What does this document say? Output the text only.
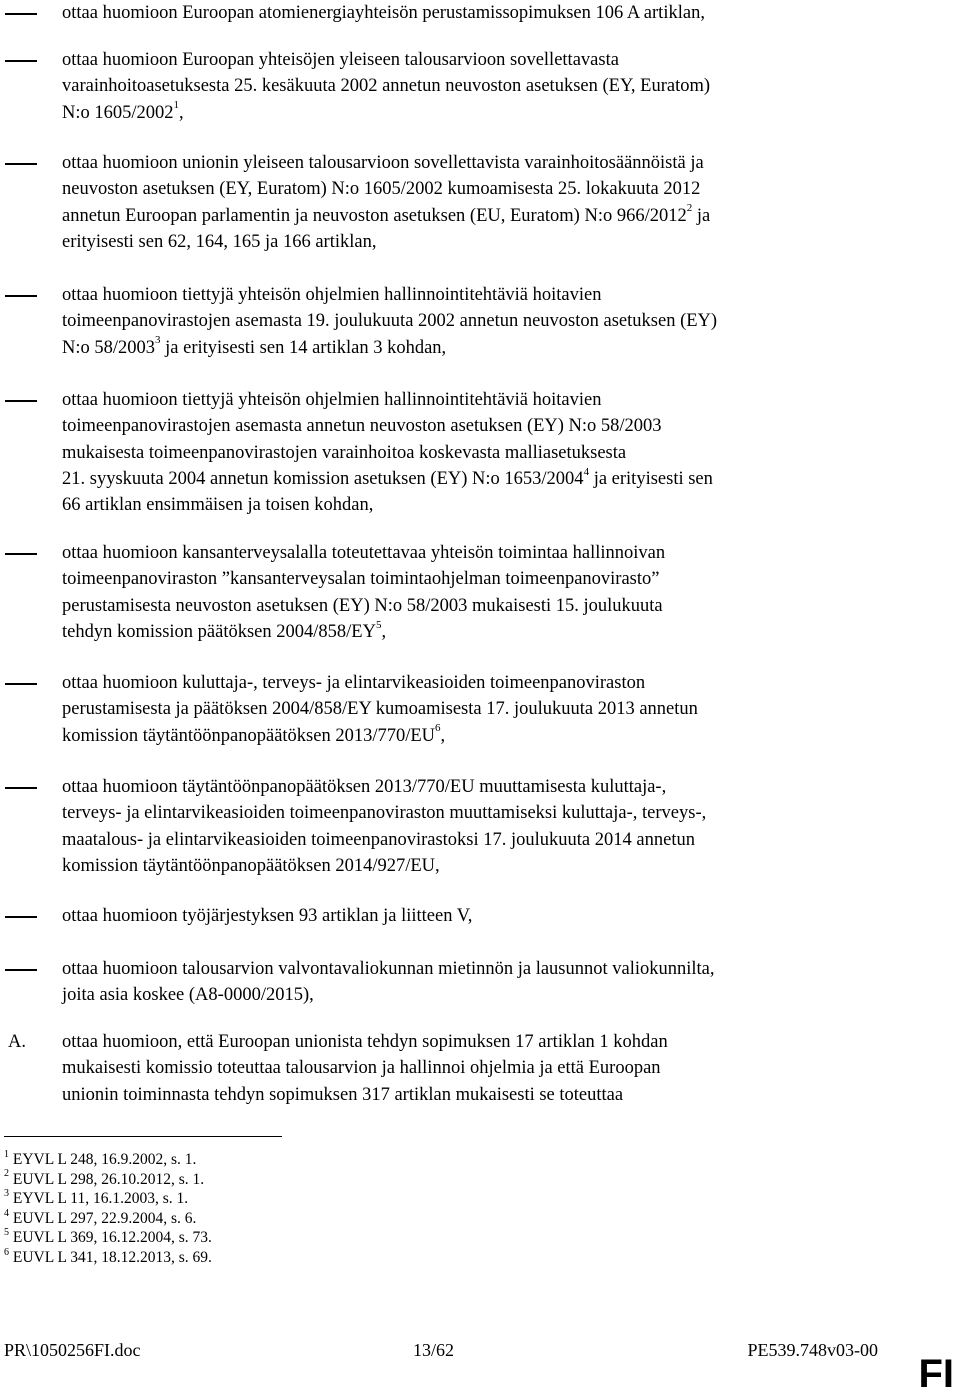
ottaa huomioon Euroopan atomienergiayhteisön perustamissopimuksen 106 A artiklan,
ottaa huomioon Euroopan yhteisöjen yleiseen talousarvioon sovellettavasta
varainhoitoasetuksesta 25. kesäkuuta 2002 annetun neuvoston asetuksen (EY, Euratom)
N:o 1605/2002$^1$,
ottaa huomioon unionin yleiseen talousarvioon sovellettavista varainhoitosäännöistä ja
neuvoston asetuksen (EY, Euratom) N:o 1605/2002 kumoamisesta 25. lokakuuta 2012
annetun Euroopan parlamentin ja neuvoston asetuksen (EU, Euratom) N:o 966/2012$^2$ ja
erityisesti sen 62, 164, 165 ja 166 artiklan,
ottaa huomioon tiettyjä yhteisön ohjelmien hallinnointitehtäviä hoitavien
toimeenpanovirastojen asemasta 19. joulukuuta 2002 annetun neuvoston asetuksen (EY)
N:o 58/2003$^3$ ja erityisesti sen 14 artiklan 3 kohdan,
ottaa huomioon tiettyjä yhteisön ohjelmien hallinnointitehtäviä hoitavien
toimeenpanovirastojen asemasta annetun neuvoston asetuksen (EY) N:o 58/2003
mukaisesta toimeenpanovirastojen varainhoitoa koskevasta malliasetuksesta
21. syyskuuta 2004 annetun komission asetuksen (EY) N:o 1653/2004$^4$ ja erityisesti sen
66 artiklan ensimmäisen ja toisen kohdan,
ottaa huomioon kansanterveysalalla toteutettavaa yhteisön toimintaa hallinnoivan
toimeenpanoviraston ”kansanterveysalan toimintaohjelman toimeenpanovirasto”
perustamisesta neuvoston asetuksen (EY) N:o 58/2003 mukaisesti 15. joulukuuta
tehdyn komission päätöksen $2004/858/EY^5$,
ottaa huomioon kuluttaja-, terveys- ja elintarvikeasioiden toimeenpanoviraston
perustamisesta ja päätöksen 2004/858/EY kumoamisesta 17. joulukuuta 2013 annetun
komission täytäntöönpanopäätöksen $2013/770/EU^6$,
ottaa huomioon täytäntöönpanopäätöksen 2013/770/EU muuttamisesta kuluttaja-,
terveys- ja elintarvikeasioiden toimeenpanoviraston muuttamiseksi kuluttaja-, terveys-,
maatalous- ja elintarvikeasioiden toimeenpanovirastoksi 17. joulukuuta 2014 annetun
komission täytäntöönpanopäätöksen 2014/927/EU,
ottaa huomioon työjärjestyksen 93 artiklan ja liitteen V,
ottaa huomioon talousarvion valvontavaliokunnan mietinnön ja lausunnot valiokunnilta,
joita asia koskee (A8-0000/2015),
A.	ottaa huomioon, että Euroopan unionista tehdyn sopimuksen 17 artiklan 1 kohdan
mukaisesti komissio toteuttaa talousarvion ja hallinnoi ohjelmia ja että Euroopan
unionin toiminnasta tehdyn sopimuksen 317 artiklan mukaisesti se toteuttaa
$^1$ EYVL L 248, 16.9.2002, s. 1.
$^2$ EUVL L 298, 26.10.2012, s. 1.
$^3$ EYVL L 11, 16.1.2003, s. 1.
$^4$ EUVL L 297, 22.9.2004, s. 6.
$^5$ EUVL L 369, 16.12.2004, s. 73.
$^6$ EUVL L 341, 18.12.2013, s. 69.
PR\1050256FI.doc	13/62	PE539.748v03-00
FI
